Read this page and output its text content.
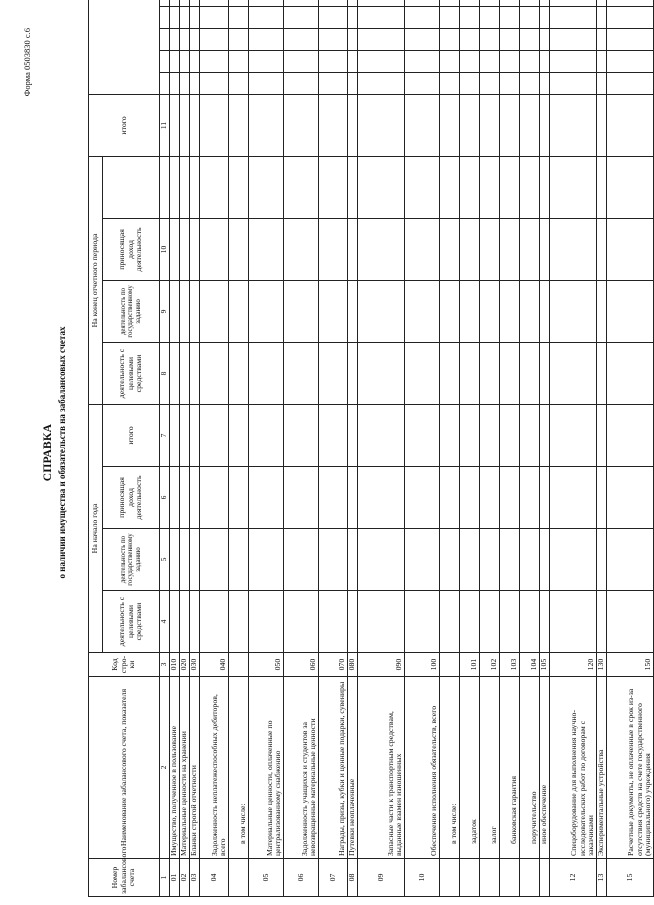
Форма 0503830 с.6
СПРАВКА о наличии имущества и обязательств на забалансовых счетах
Номер забалансового счета	Наименование забалансового счета, показателя	Код стро-ки	На начало года				На конец отчетного периода				итого						
			деятельность с целевыми средствами	деятельность по государственному заданию	приносящая доход деятельность	итого	деятельность с целевыми средствами	деятельность по государственному заданию	приносящая доход деятельность								
1	2	3	4	5	6	7	8	9	10		11						
01	Имущество, полученное в пользование	010															
02	Материальные ценности на хранении	020															
03	Бланки строгой отчетности	030															
04	Задолженность неплатежеспособных дебиторов, всего	040															
	в том числе:																
05	Материальные ценности, оплаченные по централизованному снабжению	050															
06	Задолженность учащихся и студентов за невозвращенные материальные ценности	060															
07	Награды, призы, кубки и ценные подарки, сувениры	070															
08	Путевки неоплаченные	080															
09	Запасные части к транспортным средствам, выданные взамен изношенных	090															
10	Обеспечение исполнения обязательств, всего	100															
	в том числе:																
	задаток	101															
	залог	102															
	банковская гарантия	103															
	поручительство	104															
	иное обеспечение	105															
12	Спецоборудование для выполнения научно-исследовательских работ по договорам с заказчиками	120															
13	Экспериментальные устройства	130															
15	Расчетные документы, не оплаченные в срок из-за отсутствия средств на счете государственного (муниципального) учреждения	150															
